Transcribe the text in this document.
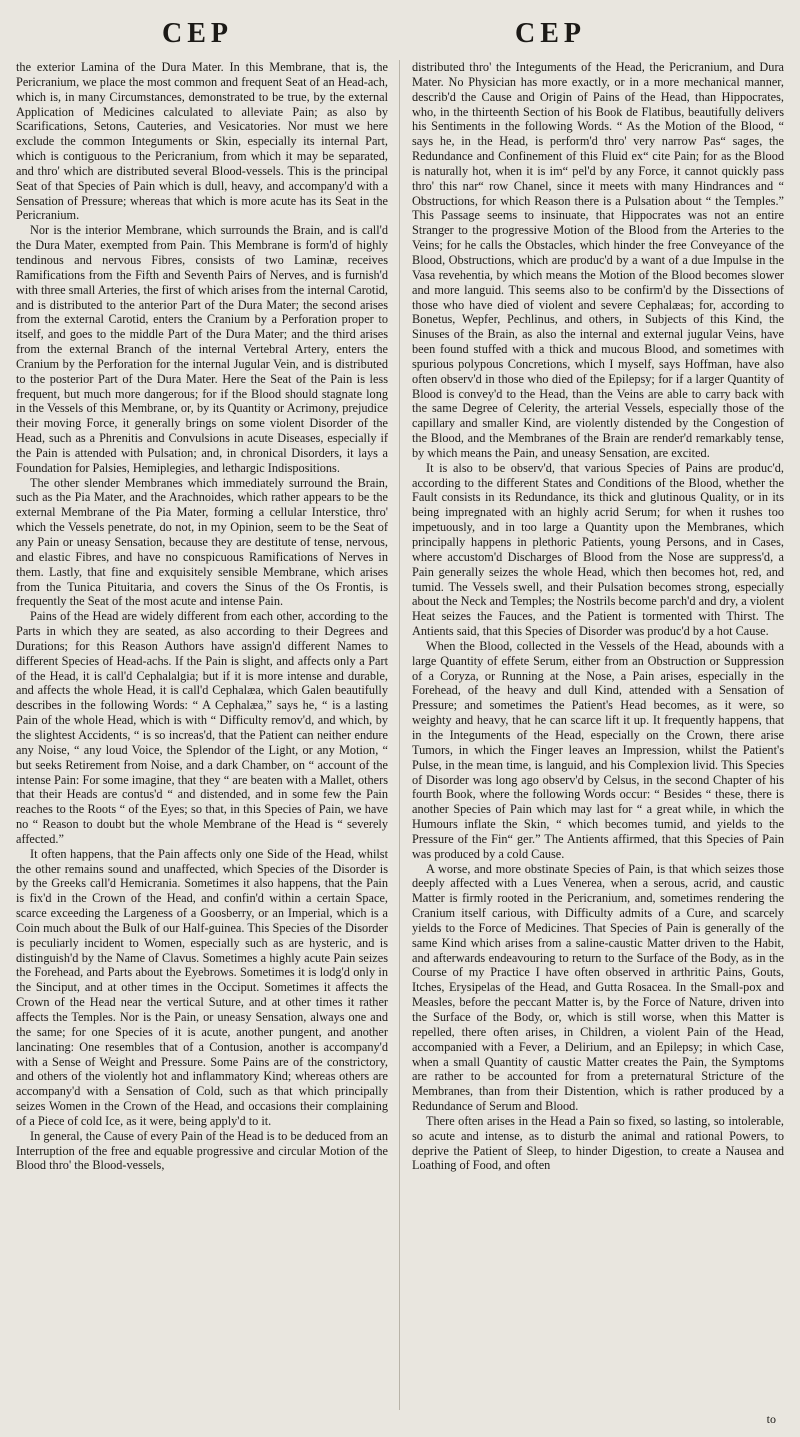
CEP	CEP

the exterior Lamina of the Dura Mater. In this Membrane, that is, the Pericranium, we place the most common and frequent Seat of an Head-ach, which is, in many Circumstances, demonstrated to be true, by the external Application of Medicines calculated to alleviate Pain; as also by Scarifications, Setons, Cauteries, and Vesicatories. Nor must we here exclude the common Integuments or Skin, especially its internal Part, which is contiguous to the Pericranium, from which it may be separated, and thro' which are distributed several Blood-vessels. This is the principal Seat of that Species of Pain which is dull, heavy, and accompany'd with a Sensation of Pressure; whereas that which is more acute has its Seat in the Pericranium.

Nor is the interior Membrane, which surrounds the Brain, and is call'd the Dura Mater, exempted from Pain. This Membrane is form'd of highly tendinous and nervous Fibres, consists of two Laminæ, receives Ramifications from the Fifth and Seventh Pairs of Nerves, and is furnish'd with three small Arteries, the first of which arises from the internal Carotid, and is distributed to the anterior Part of the Dura Mater; the second arises from the external Carotid, enters the Cranium by a Perforation proper to itself, and goes to the middle Part of the Dura Mater; and the third arises from the external Branch of the internal Vertebral Artery, enters the Cranium by the Perforation for the internal Jugular Vein, and is distributed to the posterior Part of the Dura Mater. Here the Seat of the Pain is less frequent, but much more dangerous; for if the Blood should stagnate long in the Vessels of this Membrane, or, by its Quantity or Acrimony, prejudice their moving Force, it generally brings on some violent Disorder of the Head, such as a Phrenitis and Convulsions in acute Diseases, especially if the Pain is attended with Pulsation; and, in chronical Disorders, it lays a Foundation for Palsies, Hemiplegies, and lethargic Indispositions.

The other slender Membranes which immediately surround the Brain, such as the Pia Mater, and the Arachnoides, which rather appears to be the external Membrane of the Pia Mater, forming a cellular Interstice, thro' which the Vessels penetrate, do not, in my Opinion, seem to be the Seat of any Pain or uneasy Sensation, because they are destitute of tense, nervous, and elastic Fibres, and have no conspicuous Ramifications of Nerves in them. Lastly, that fine and exquisitely sensible Membrane, which arises from the Tunica Pituitaria, and covers the Sinus of the Os Frontis, is frequently the Seat of the most acute and intense Pain.

Pains of the Head are widely different from each other, according to the Parts in which they are seated, as also according to their Degrees and Durations; for this Reason Authors have assign'd different Names to different Species of Head-achs. If the Pain is slight, and affects only a Part of the Head, it is call'd Cephalalgia; but if it is more intense and durable, and affects the whole Head, it is call'd Cephalæa, which Galen beautifully describes in the following Words: “ A Cephalæa,” says he, “ is a lasting Pain of the whole Head, which is with “ Difficulty remov'd, and which, by the slightest Accidents, “ is so increas'd, that the Patient can neither endure any Noise, “ any loud Voice, the Splendor of the Light, or any Motion, “ but seeks Retirement from Noise, and a dark Chamber, on “ account of the intense Pain: For some imagine, that they “ are beaten with a Mallet, others that their Heads are contus'd “ and distended, and in some few the Pain reaches to the Roots “ of the Eyes; so that, in this Species of Pain, we have no “ Reason to doubt but the whole Membrane of the Head is “ severely affected.”

It often happens, that the Pain affects only one Side of the Head, whilst the other remains sound and unaffected, which Species of the Disorder is by the Greeks call'd Hemicrania. Sometimes it also happens, that the Pain is fix'd in the Crown of the Head, and confin'd within a certain Space, scarce exceeding the Largeness of a Goosberry, or an Imperial, which is a Coin much about the Bulk of our Half-guinea. This Species of the Disorder is peculiarly incident to Women, especially such as are hysteric, and is distinguish'd by the Name of Clavus. Sometimes a highly acute Pain seizes the Forehead, and Parts about the Eyebrows. Sometimes it is lodg'd only in the Sinciput, and at other times in the Occiput. Sometimes it affects the Crown of the Head near the vertical Suture, and at other times it rather affects the Temples. Nor is the Pain, or uneasy Sensation, always one and the same; for one Species of it is acute, another pungent, and another lancinating: One resembles that of a Contusion, another is accompany'd with a Sense of Weight and Pressure. Some Pains are of the constrictory, and others of the violently hot and inflammatory Kind; whereas others are accompany'd with a Sensation of Cold, such as that which principally seizes Women in the Crown of the Head, and occasions their complaining of a Piece of cold Ice, as it were, being apply'd to it.

In general, the Cause of every Pain of the Head is to be deduced from an Interruption of the free and equable progressive and circular Motion of the Blood thro' the Blood-vessels,

distributed thro' the Integuments of the Head, the Pericranium, and Dura Mater. No Physician has more exactly, or in a more mechanical manner, describ'd the Cause and Origin of Pains of the Head, than Hippocrates, who, in the thirteenth Section of his Book de Flatibus, beautifully delivers his Sentiments in the following Words. “ As the Motion of the Blood, “ says he, in the Head, is perform'd thro' very narrow Pas“ sages, the Redundance and Confinement of this Fluid ex“ cite Pain; for as the Blood is naturally hot, when it is im“ pel'd by any Force, it cannot quickly pass thro' this nar“ row Chanel, since it meets with many Hindrances and “ Obstructions, for which Reason there is a Pulsation about “ the Temples.” This Passage seems to insinuate, that Hippocrates was not an entire Stranger to the progressive Motion of the Blood from the Arteries to the Veins; for he calls the Obstacles, which hinder the free Conveyance of the Blood, Obstructions, which are produc'd by a want of a due Impulse in the Vasa revehentia, by which means the Motion of the Blood becomes slower and more languid. This seems also to be confirm'd by the Dissections of those who have died of violent and severe Cephalæas; for, according to Bonetus, Wepfer, Pechlinus, and others, in Subjects of this Kind, the Sinuses of the Brain, as also the internal and external jugular Veins, have been found stuffed with a thick and mucous Blood, and sometimes with spurious polypous Concretions, which I myself, says Hoffman, have also often observ'd in those who died of the Epilepsy; for if a larger Quantity of Blood is convey'd to the Head, than the Veins are able to carry back with the same Degree of Celerity, the arterial Vessels, especially those of the capillary and smaller Kind, are violently distended by the Congestion of the Blood, and the Membranes of the Brain are render'd remarkably tense, by which means the Pain, and uneasy Sensation, are excited.

It is also to be observ'd, that various Species of Pains are produc'd, according to the different States and Conditions of the Blood, whether the Fault consists in its Redundance, its thick and glutinous Quality, or in its being impregnated with an highly acrid Serum; for when it rushes too impetuously, and in too large a Quantity upon the Membranes, which principally happens in plethoric Patients, young Persons, and in Cases, where accustom'd Discharges of Blood from the Nose are suppress'd, a Pain generally seizes the whole Head, which then becomes hot, red, and tumid. The Vessels swell, and their Pulsation becomes strong, especially about the Neck and Temples; the Nostrils become parch'd and dry, a violent Heat seizes the Fauces, and the Patient is tormented with Thirst. The Antients said, that this Species of Disorder was produc'd by a hot Cause.

When the Blood, collected in the Vessels of the Head, abounds with a large Quantity of effete Serum, either from an Obstruction or Suppression of a Coryza, or Running at the Nose, a Pain arises, especially in the Forehead, of the heavy and dull Kind, attended with a Sensation of Pressure; and sometimes the Patient's Head becomes, as it were, so weighty and heavy, that he can scarce lift it up. It frequently happens, that in the Integuments of the Head, especially on the Crown, there arise Tumors, in which the Finger leaves an Impression, whilst the Patient's Pulse, in the mean time, is languid, and his Complexion livid. This Species of Disorder was long ago observ'd by Celsus, in the second Chapter of his fourth Book, where the following Words occur: “ Besides “ these, there is another Species of Pain which may last for “ a great while, in which the Humours inflate the Skin, “ which becomes tumid, and yields to the Pressure of the Fin“ ger.” The Antients affirmed, that this Species of Pain was produced by a cold Cause.

A worse, and more obstinate Species of Pain, is that which seizes those deeply affected with a Lues Venerea, when a serous, acrid, and caustic Matter is firmly rooted in the Pericranium, and, sometimes rendering the Cranium itself carious, with Difficulty admits of a Cure, and scarcely yields to the Force of Medicines. That Species of Pain is generally of the same Kind which arises from a saline-caustic Matter driven to the Habit, and afterwards endeavouring to return to the Surface of the Body, as in the Course of my Practice I have often observed in arthritic Pains, Gouts, Itches, Erysipelas of the Head, and Gutta Rosacea. In the Small-pox and Measles, before the peccant Matter is, by the Force of Nature, driven into the Surface of the Body, or, which is still worse, when this Matter is repelled, there often arises, in Children, a violent Pain of the Head, accompanied with a Fever, a Delirium, and an Epilepsy; in which Case, when a small Quantity of caustic Matter creates the Pain, the Symptoms are rather to be accounted for from a preternatural Stricture of the Membranes, than from their Distention, which is rather produced by a Redundance of Serum and Blood.

There often arises in the Head a Pain so fixed, so lasting, so intolerable, so acute and intense, as to disturb the animal and rational Powers, to deprive the Patient of Sleep, to hinder Digestion, to create a Nausea and Loathing of Food, and often

to
